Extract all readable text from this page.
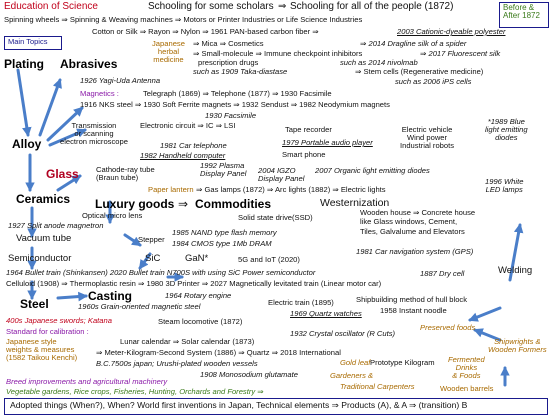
Education of Science	Schooling for some scholars ⇒ Schooling for all of the people (1872)	Before &
After 1872
Main Topics
Spinning wheels ⇒ Spinning & Weaving machines ⇒ Motors or Printer Industries or Life Science Industries
Cotton or Silk ⇒ Rayon ⇒ Nylon ⇒ 1961 PAN-based carbon fiber ⇒	2003 Cationic-dyeable polyester
⇒ 2014 Dragline silk of a spider
⇒ 2017 Fluorescent silk
Plating Abrasives
Japanese
herbal
medicine
⇒ Mica ⇒ Cosmetics
⇒ Small-molecule ⇒ Immune checkpoint inhibitors
prescription drugs	such as 2014 nivolmab
1926 Yagi-Uda Antenna
such as 1909 Taka-diastase	⇒ Stem cells (Regenerative medicine)
such as 2006 iPS cells
Magnetics :	Telegraph (1869) ⇒ Telephone (1877) ⇒ 1930 Facsimile
1916 NKS steel ⇒ 1930 Soft Ferrite magnets ⇒ 1932 Sendust ⇒ 1982 Neodymium magnets
1930 Facsimile
Transmission
or scanning
electron microscope
Electronic circuit ⇒ IC ⇒ LSI	Tape recorder	Electric vehicle
Wind power
Industrial robots
*1989 Blue
light emitting
diodes
Alloy	1981 Car telephone
1982 Handheld computer
1979 Portable audio player
Smart phone
Glass Cathode-ray tube
(Braun tube)
1992 Plasma
Display Panel 2004 IGZO
Display Panel
2007 Organic light emitting diodes
1996 White
LED lamps
Paper lantern ⇒ Gas lamps (1872) ⇒ Arc lights (1882) ⇒ Electric lights
Ceramics Luxury goods ⇒ Commodities	Westernization
Optical micro lens	Solid state drive(SSD)
Wooden house ⇒ Concrete house
like Glass windows, Cement,
Tiles, Galvalume and Elevators
1927 Split anode magnetron
Vacuum tube	Stepper
1985 NAND type flash memory
1984 CMOS type 1Mb DRAM
1981 Car navigation system (GPS)
Semiconductor	SiC	GaN*	5G and IoT (2020)
1887 Dry cell
1964 Bullet train (Shinkansen) 2020 Bullet train N700S with using SiC Power semiconductor
Celluloid (1908) ⇒ Thermoplastic resin ⇒ 1980 3D Printer ⇒ 2027 Magnetically levitated train (Linear motor car)
Welding
Casting	1964 Rotary engine
Steel	1960s Grain-oriented magnetic steel	Electric train (1895)	Shipbuilding method of hull block
400s Japanese swords; Katana	Steam locomotive (1872)
1969 Quartz watches 1958 Instant noodle
Standard for calibration :
Japanese style
weights & measures
(1582 Taikou Kenchi)
Lunar calendar ⇒ Solar calendar (1873)
1932 Crystal oscillator (R Cuts)
Preserved foods
Shipwrights &
Wooden Formers
⇒ Meter-Kilogram-Second System (1886) ⇒ Quartz ⇒ 2018 International
Gold leaf Prototype Kilogram Fermented
Drinks
& Foods
B.C.7500s japan; Urushi-plated wooden vessels
1908 Monosodium glutamate
Breed improvements and agricultural machinery
Gardeners &
Traditional Carpenters	Wooden barrels
Vegetable gardens, Rice crops, Fisheries, Hunting, Orchards and Forestry ⇒
Adopted things (When?), When? World first inventions in Japan, Technical elements ⇒ Products (A), & A ⇒ (transition) B
